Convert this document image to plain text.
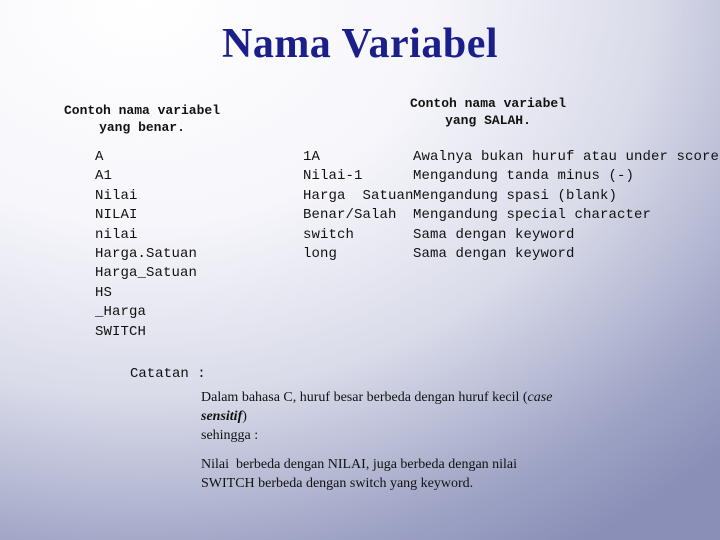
Nama Variabel
Contoh nama variabel yang benar.
Contoh nama variabel yang SALAH.
A
A1
Nilai
NILAI
nilai
Harga.Satuan
Harga_Satuan
HS
_Harga
SWITCH
1A
Nilai-1
Harga  Satuan
Benar/Salah
switch
long
Awalnya bukan huruf atau under score
Mengandung tanda minus (-)
Mengandung spasi (blank)
Mengandung special character
Sama dengan keyword
Sama dengan keyword
Catatan :
Dalam bahasa C, huruf besar berbeda dengan huruf kecil (case
sensitif)
sehingga :
Nilai  berbeda dengan NILAI, juga berbeda dengan nilai
SWITCH berbeda dengan switch yang keyword.
